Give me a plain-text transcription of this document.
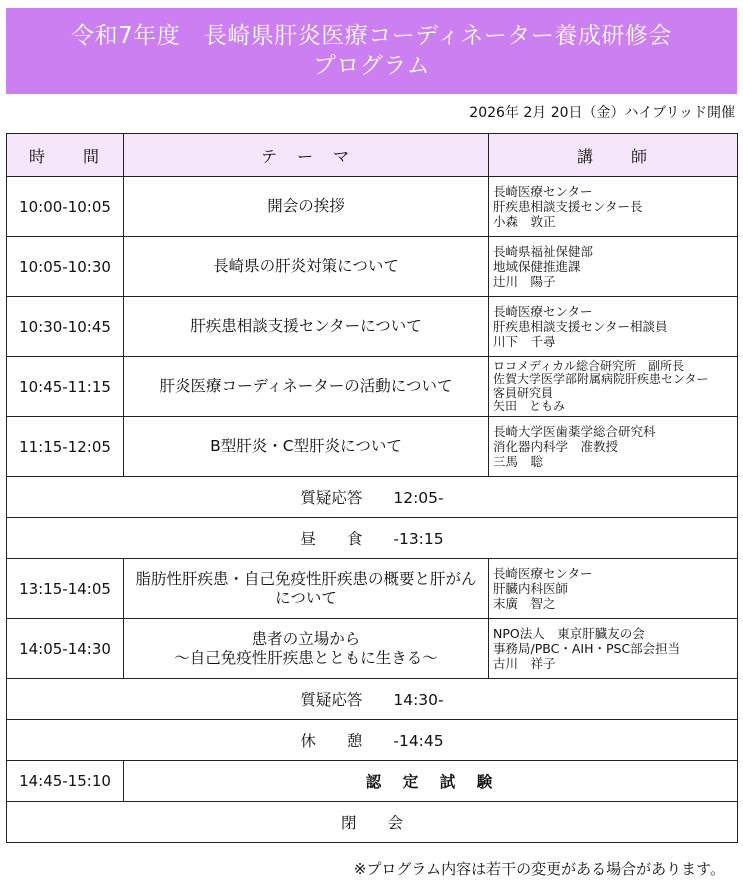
令和7年度　長崎県肝炎医療コーディネーター養成研修会
プログラム
2026年 2月 20日（金）ハイブリッド開催
時　　間	テ　ー　マ	講　　師
10:00-10:05	開会の挨拶	長崎医療センター
肝疾患相談支援センター長
小森　敦正

10:05-10:30	長崎県の肝炎対策について	長崎県福祉保健部
地域保健推進課
辻川　陽子

10:30-10:45	肝疾患相談支援センターについて	長崎医療センター
肝疾患相談支援センター相談員
川下　千尋

10:45-11:15	肝炎医療コーディネーターの活動について	ロコメディカル総合研究所　副所長
佐賀大学医学部附属病院肝疾患センター
客員研究員
矢田　ともみ

11:15-12:05	B型肝炎・C型肝炎について	長崎大学医歯薬学総合研究科
消化器内科学　准教授
三馬　聡

質疑応答　　12:05-		
昼　　食　　-13:15		
13:15-14:05	脂肪性肝疾患・自己免疫性肝疾患の概要と肝がんについて	長崎医療センター
肝臓内科医師
末廣　智之

14:05-14:30	患者の立場から
～自己免疫性肝疾患とともに生きる～	NPO法人　東京肝臓友の会
事務局/PBC・AIH・PSC部会担当
古川　祥子

質疑応答　　14:30-		
休　　憩　　-14:45		
14:45-15:10	認　定　試　験	
閉　　会		
※プログラム内容は若干の変更がある場合があります。
